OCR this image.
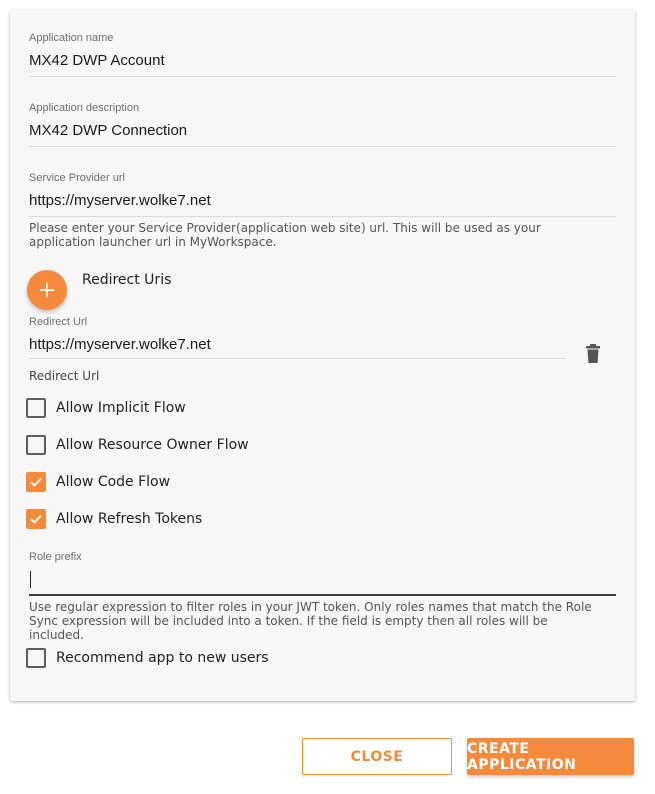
Application name
MX42 DWP Account
Application description
MX42 DWP Connection
Service Provider url
https://myserver.wolke7.net
Please enter your Service Provider(application web site) url. This will be used as your application launcher url in MyWorkspace.
Redirect Uris
Redirect Url
https://myserver.wolke7.net
Redirect Url
Allow Implicit Flow
Allow Resource Owner Flow
Allow Code Flow
Allow Refresh Tokens
Role prefix
Use regular expression to filter roles in your JWT token. Only roles names that match the Role Sync expression will be included into a token. If the field is empty then all roles will be included.
Recommend app to new users
CLOSE	CREATE APPLICATION
